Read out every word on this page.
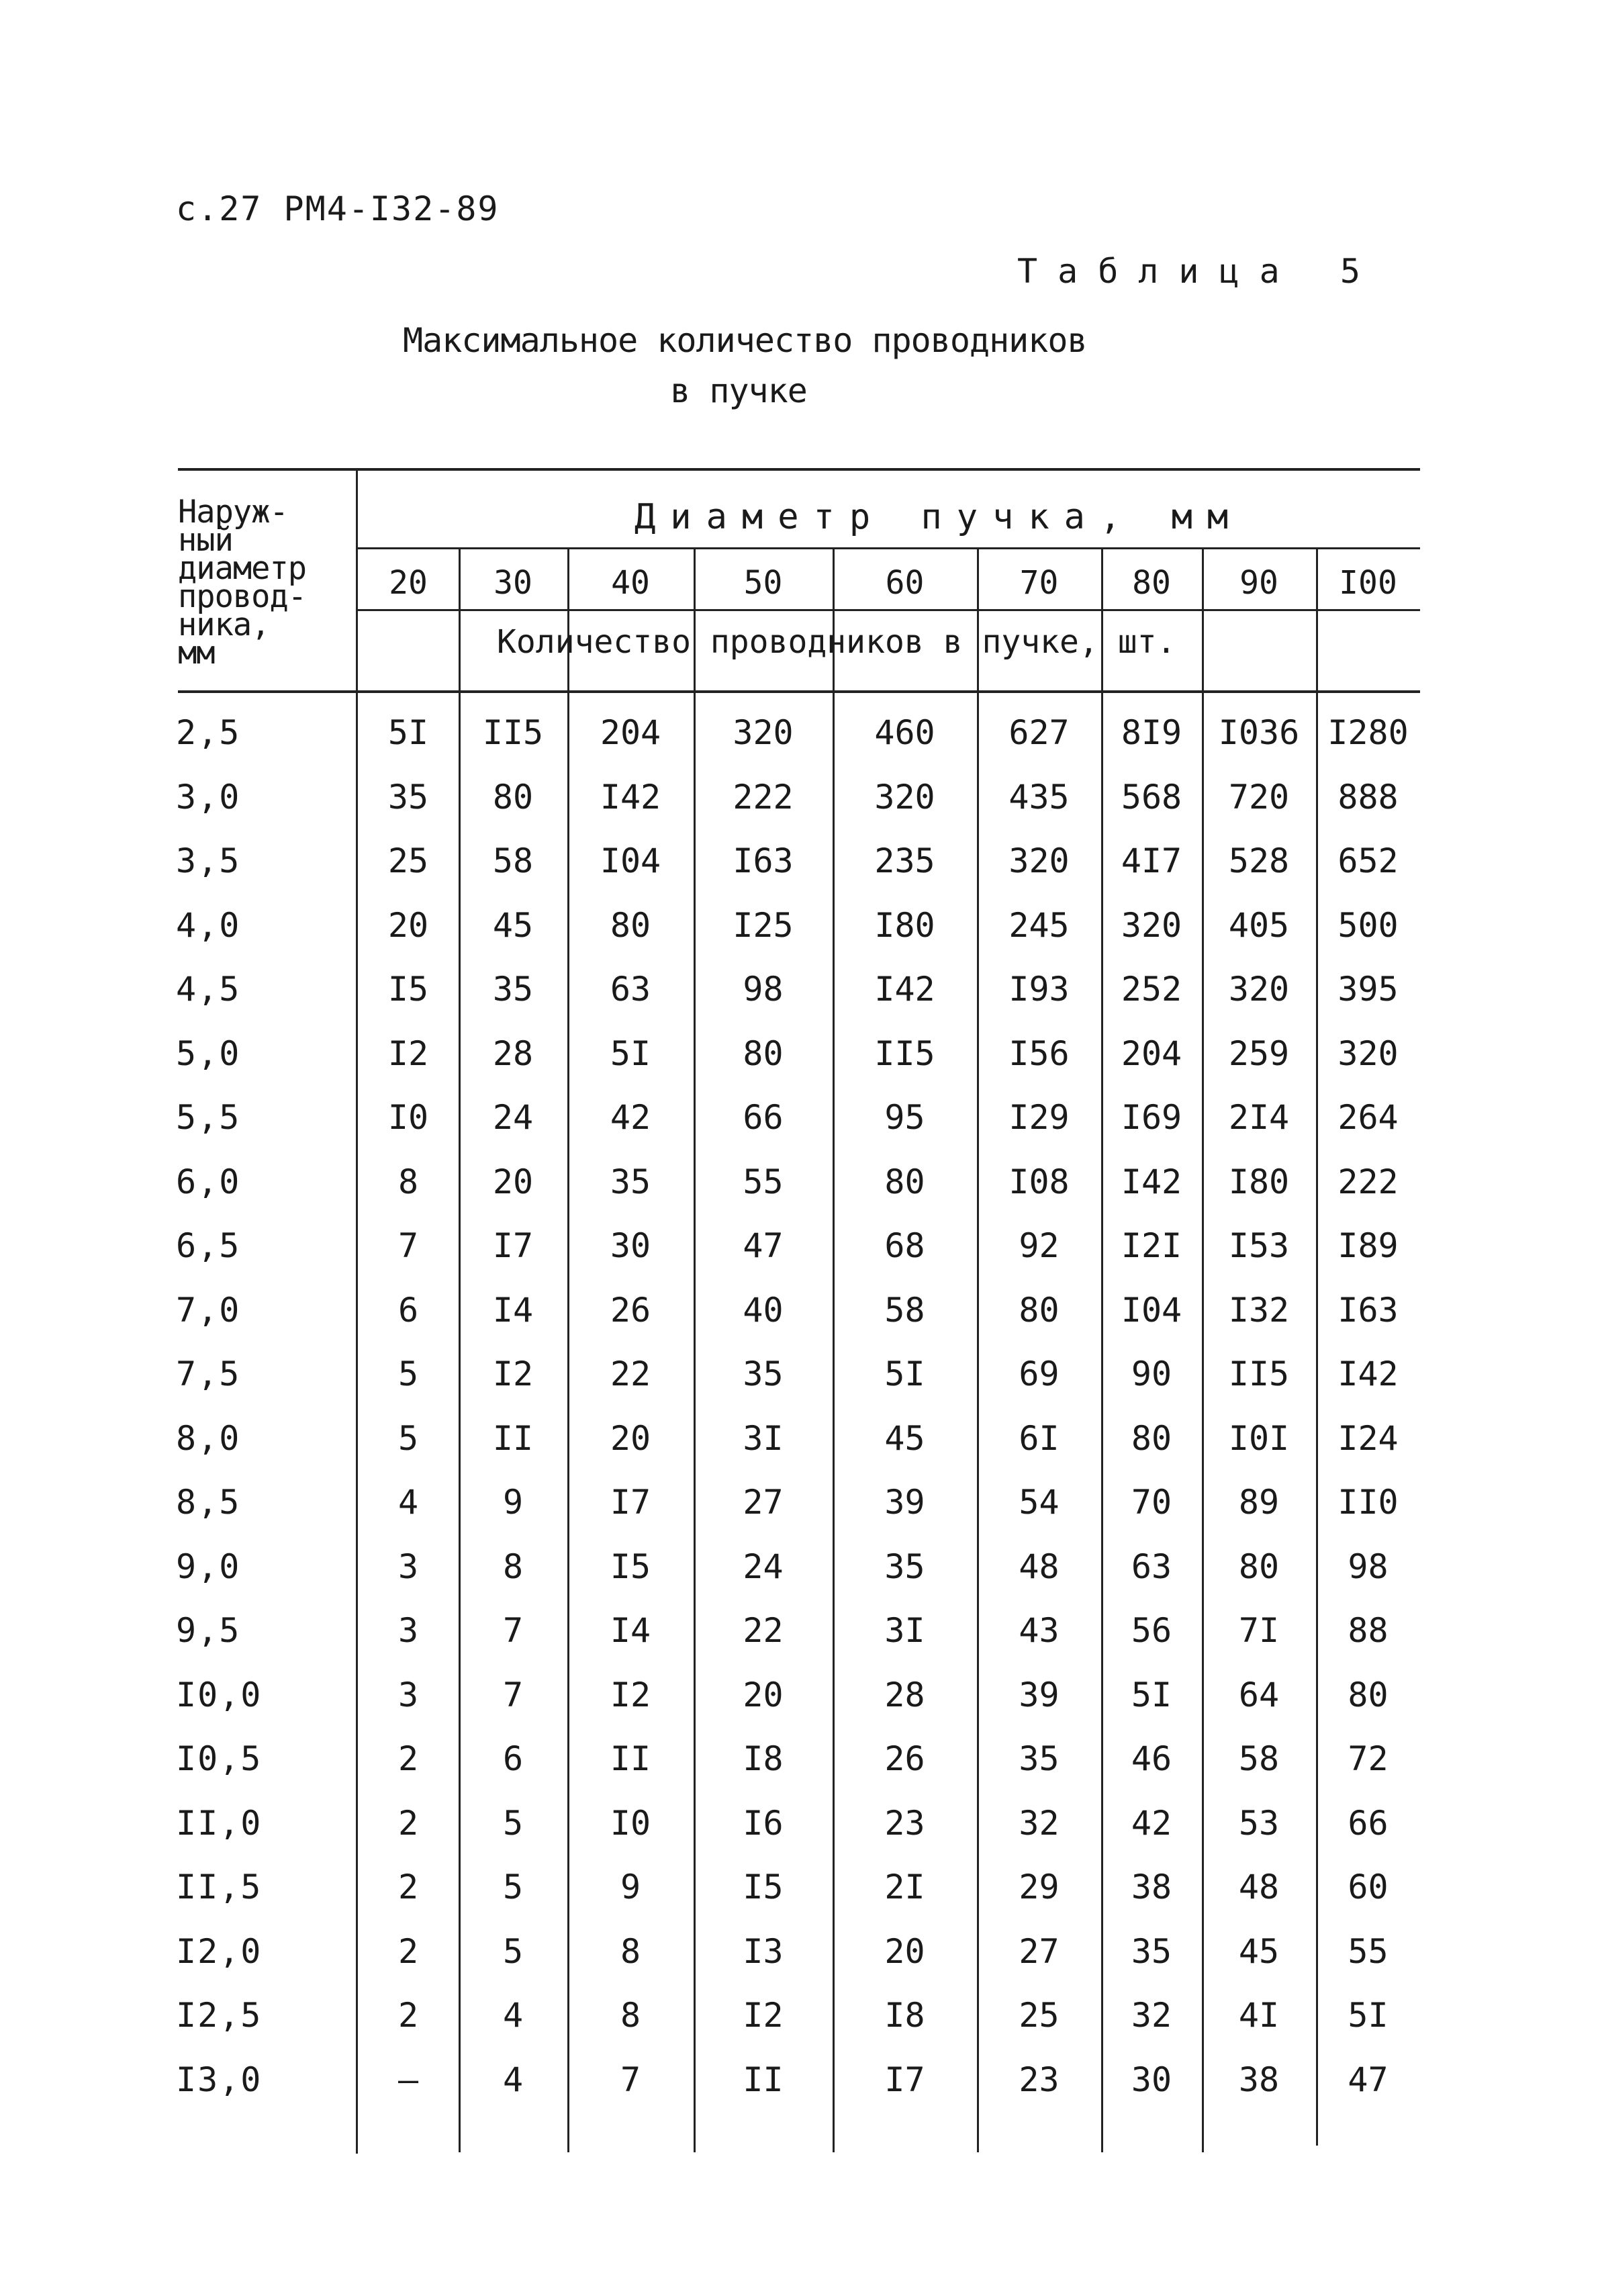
с.27 РМ4-I32-89
Таблица 5
Максимальное количество проводников
в пучке
Наруж-
ный
диаметр
провод-
ника,
мм
Диаметр пучка, мм
20	30	40	50	60	70	80	90	I00
Количество проводников в пучке, шт.
2,5	5I	II5	204	320	460	627	8I9	I036 I280
3,0	35	80	I42	222	320	435	568	720	888
3,5	25	58	I04	I63	235	320	4I7	528	652
4,0	20	45	80	I25	I80	245	320	405	500
4,5	I5	35	63	98	I42	I93	252	320	395
5,0	I2	28	5I	80	II5	I56	204	259	320
5,5	I0	24	42	66	95	I29	I69	2I4	264
6,0	8	20	35	55	80	I08	I42	I80	222
6,5	7	I7	30	47	68	92	I2I	I53	I89
7,0	6	I4	26	40	58	80	I04	I32	I63
7,5	5	I2	22	35	5I	69	90	II5	I42
8,0	5	II	20	3I	45	6I	80	I0I	I24
8,5	4	9	I7	27	39	54	70	89	II0
9,0	3	8	I5	24	35	48	63	80	98
9,5	3	7	I4	22	3I	43	56	7I	88
I0,0	3	7	I2	20	28	39	5I	64	80
I0,5	2	6	II	I8	26	35	46	58	72
II,0	2	5	I0	I6	23	32	42	53	66
II,5	2	5	9	I5	2I	29	38	48	60
I2,0	2	5	8	I3	20	27	35	45	55
I2,5	2	4	8	I2	I8	25	32	4I	5I
I3,0	–	4	7	II	I7	23	30	38	47
